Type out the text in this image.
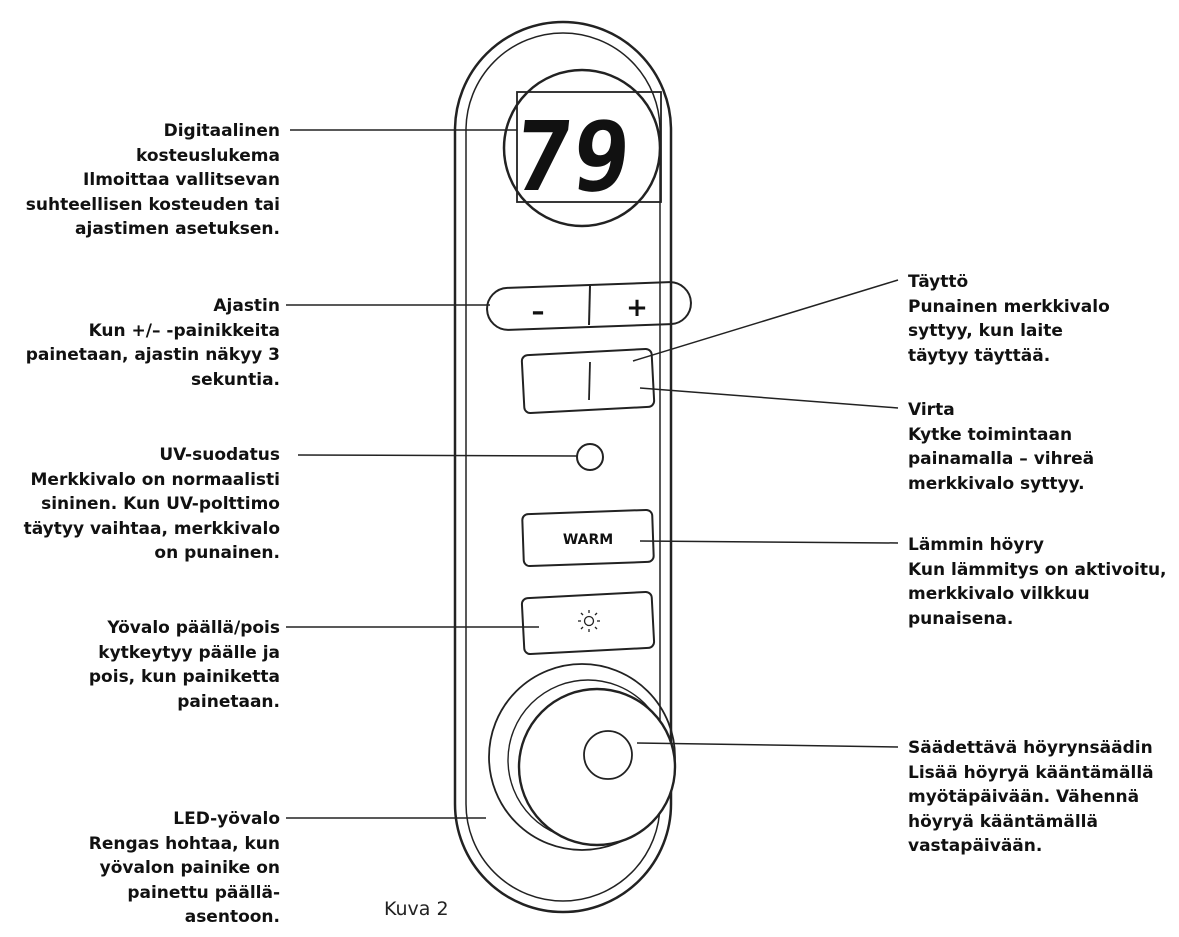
79
–	+
WARM
Digitaalinen
kosteuslukema
Ilmoittaa vallitsevan
suhteellisen kosteuden tai
ajastimen asetuksen.
Ajastin
Kun +/– -painikkeita
painetaan, ajastin näkyy 3
sekuntia.
UV-suodatus
Merkkivalo on normaalisti
sininen. Kun UV-polttimo
täytyy vaihtaa, merkkivalo
on punainen.
Yövalo päällä/pois
kytkeytyy päälle ja
pois, kun painiketta
painetaan.
LED-yövalo
Rengas hohtaa, kun
yövalon painike on
painettu päällä-
asentoon.
Täyttö
Punainen merkkivalo
syttyy, kun laite
täytyy täyttää.
Virta
Kytke toimintaan
painamalla – vihreä
merkkivalo syttyy.
Lämmin höyry
Kun lämmitys on aktivoitu,
merkkivalo vilkkuu
punaisena.
Säädettävä höyrynsäädin
Lisää höyryä kääntämällä
myötäpäivään. Vähennä
höyryä kääntämällä
vastapäivään.
Kuva 2
